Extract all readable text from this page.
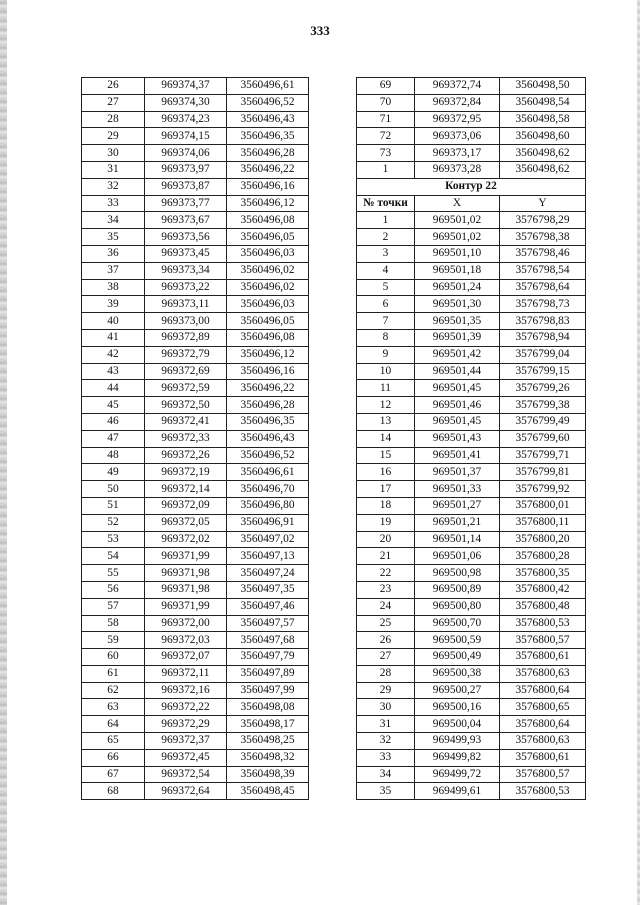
333
26	969374,37	3560496,61
27	969374,30	3560496,52
28	969374,23	3560496,43
29	969374,15	3560496,35
30	969374,06	3560496,28
31	969373,97	3560496,22
32	969373,87	3560496,16
33	969373,77	3560496,12
34	969373,67	3560496,08
35	969373,56	3560496,05
36	969373,45	3560496,03
37	969373,34	3560496,02
38	969373,22	3560496,02
39	969373,11	3560496,03
40	969373,00	3560496,05
41	969372,89	3560496,08
42	969372,79	3560496,12
43	969372,69	3560496,16
44	969372,59	3560496,22
45	969372,50	3560496,28
46	969372,41	3560496,35
47	969372,33	3560496,43
48	969372,26	3560496,52
49	969372,19	3560496,61
50	969372,14	3560496,70
51	969372,09	3560496,80
52	969372,05	3560496,91
53	969372,02	3560497,02
54	969371,99	3560497,13
55	969371,98	3560497,24
56	969371,98	3560497,35
57	969371,99	3560497,46
58	969372,00	3560497,57
59	969372,03	3560497,68
60	969372,07	3560497,79
61	969372,11	3560497,89
62	969372,16	3560497,99
63	969372,22	3560498,08
64	969372,29	3560498,17
65	969372,37	3560498,25
66	969372,45	3560498,32
67	969372,54	3560498,39
68	969372,64	3560498,45
69	969372,74	3560498,50
70	969372,84	3560498,54
71	969372,95	3560498,58
72	969373,06	3560498,60
73	969373,17	3560498,62
1	969373,28	3560498,62
Контур 22		
№ точки	X	Y
1	969501,02	3576798,29
2	969501,02	3576798,38
3	969501,10	3576798,46
4	969501,18	3576798,54
5	969501,24	3576798,64
6	969501,30	3576798,73
7	969501,35	3576798,83
8	969501,39	3576798,94
9	969501,42	3576799,04
10	969501,44	3576799,15
11	969501,45	3576799,26
12	969501,46	3576799,38
13	969501,45	3576799,49
14	969501,43	3576799,60
15	969501,41	3576799,71
16	969501,37	3576799,81
17	969501,33	3576799,92
18	969501,27	3576800,01
19	969501,21	3576800,11
20	969501,14	3576800,20
21	969501,06	3576800,28
22	969500,98	3576800,35
23	969500,89	3576800,42
24	969500,80	3576800,48
25	969500,70	3576800,53
26	969500,59	3576800,57
27	969500,49	3576800,61
28	969500,38	3576800,63
29	969500,27	3576800,64
30	969500,16	3576800,65
31	969500,04	3576800,64
32	969499,93	3576800,63
33	969499,82	3576800,61
34	969499,72	3576800,57
35	969499,61	3576800,53
